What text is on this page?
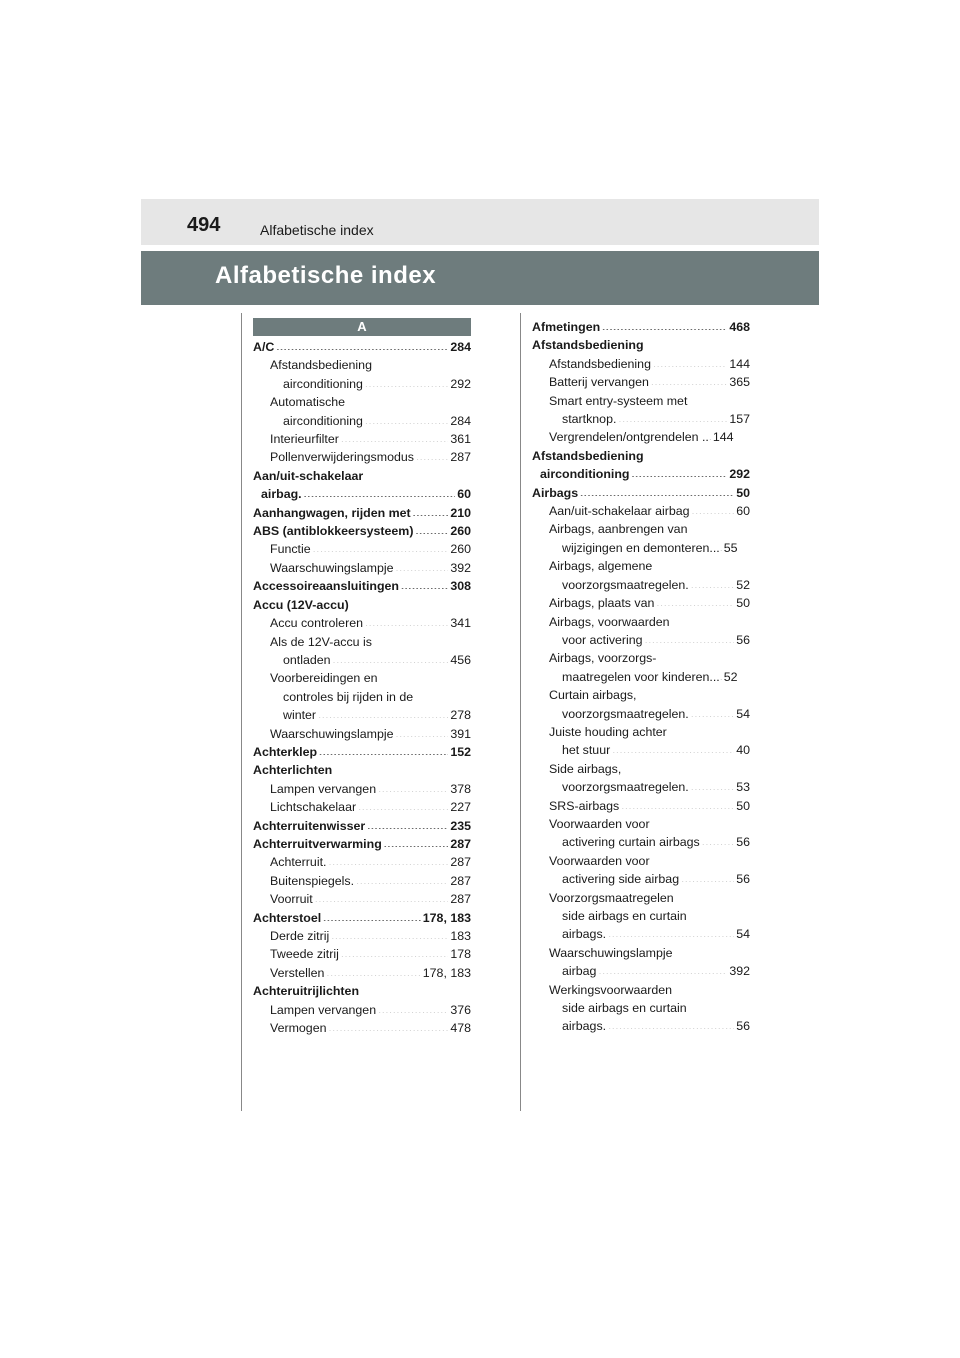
494	Alfabetische index
Alfabetische index
A
A/C .....	284
Afstandsbediening
airconditioning .....	292
Automatische
airconditioning .....	284
Interieurfilter .....	361
Pollenverwijderingsmodus .....	287
Aan/uit-schakelaar
airbag. .....	60
Aanhangwagen, rijden met .....	210
ABS (antiblokkeersysteem) .....	260
Functie .....	260
Waarschuwingslampje .....	392
Accessoireaansluitingen .....	308
Accu (12V-accu)
Accu controleren .....	341
Als de 12V-accu is
ontladen .....	456
Voorbereidingen en
controles bij rijden in de
winter .....	278
Waarschuwingslampje .....	391
Achterklep .....	152
Achterlichten
Lampen vervangen .....	378
Lichtschakelaar .....	227
Achterruitenwisser .....	235
Achterruitverwarming .....	287
Achterruit. .....	287
Buitenspiegels. .....	287
Voorruit .....	287
Achterstoel .....	178, 183
Derde zitrij .....	183
Tweede zitrij .....	178
Verstellen .....	178, 183
Achteruitrijlichten
Lampen vervangen .....	376
Vermogen .....	478
Afmetingen .....	468
Afstandsbediening
Afstandsbediening .....	144
Batterij vervangen .....	365
Smart entry-systeem met
startknop. .....	157
Vergrendelen/ontgrendelen .. ..... 144
Afstandsbediening
airconditioning .....	292
Airbags .....	50
Aan/uit-schakelaar airbag .....	60
Airbags, aanbrengen van
wijzigingen en demonteren... ..... 55
Airbags, algemene
voorzorgsmaatregelen. .....	52
Airbags, plaats van .....	50
Airbags, voorwaarden
voor activering .....	56
Airbags, voorzorgs-
maatregelen voor kinderen... ..... 52
Curtain airbags,
voorzorgsmaatregelen. .....	54
Juiste houding achter
het stuur .....	40
Side airbags,
voorzorgsmaatregelen. .....	53
SRS-airbags .....	50
Voorwaarden voor
activering curtain airbags .....	56
Voorwaarden voor
activering side airbag .....	56
Voorzorgsmaatregelen
side airbags en curtain
airbags. .....	54
Waarschuwingslampje
airbag .....	392
Werkingsvoorwaarden
side airbags en curtain
airbags. .....	56
